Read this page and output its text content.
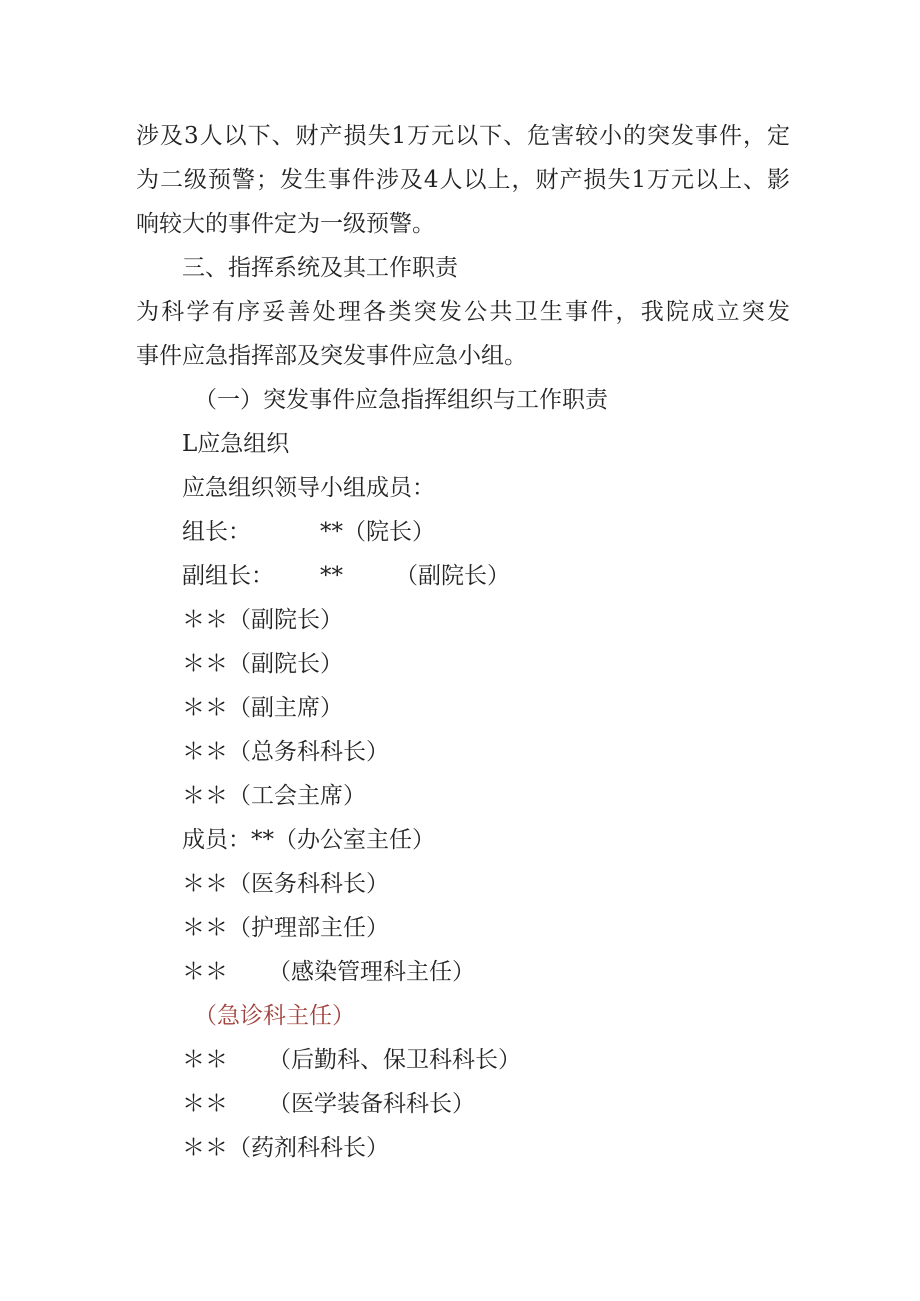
涉及3人以下、财产损失1万元以下、危害较小的突发事件，定
为二级预警；发生事件涉及4人以上，财产损失1万元以上、影
响较大的事件定为一级预警。
三、指挥系统及其工作职责
为科学有序妥善处理各类突发公共卫生事件，我院成立突发
事件应急指挥部及突发事件应急小组。
（一）突发事件应急指挥组织与工作职责
L应急组织
应急组织领导小组成员：
组长：	**（院长）
副组长： ** （副院长）
＊＊（副院长）
＊＊（副院长）
＊＊（副主席）
＊＊（总务科科长）
＊＊（工会主席）
成员：**（办公室主任）
＊＊（医务科科长）
＊＊（护理部主任）
＊＊ （感染管理科主任）
（急诊科主任）
＊＊ （后勤科、保卫科科长）
＊＊ （医学装备科科长）
＊＊（药剂科科长）
